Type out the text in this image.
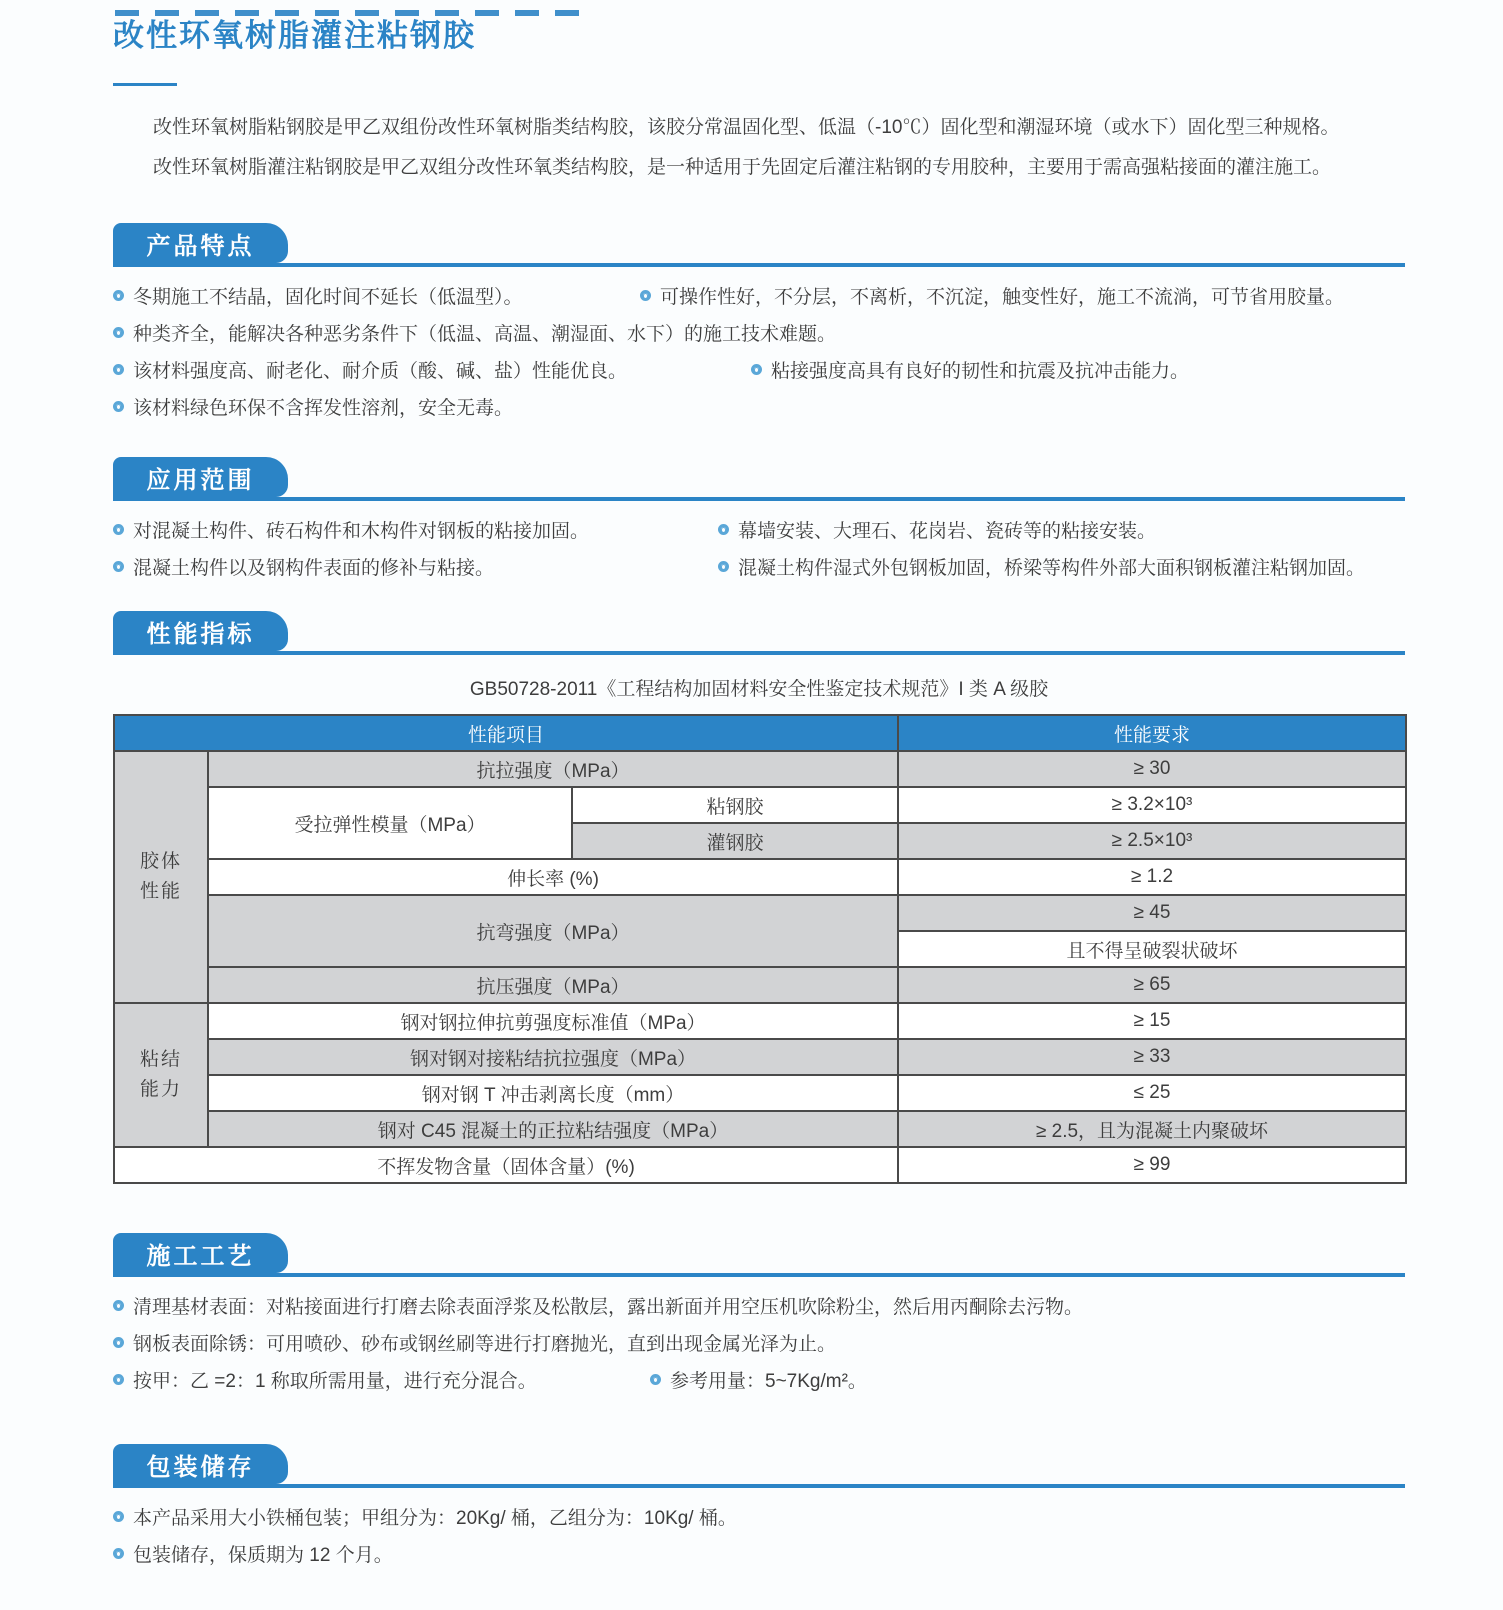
改性环氧树脂灌注粘钢胶

改性环氧树脂粘钢胶是甲乙双组份改性环氧树脂类结构胶，该胶分常温固化型、低温（-10℃）固化型和潮湿环境（或水下）固化型三种规格。

改性环氧树脂灌注粘钢胶是甲乙双组分改性环氧类结构胶，是一种适用于先固定后灌注粘钢的专用胶种，主要用于需高强粘接面的灌注施工。

产品特点
冬期施工不结晶，固化时间不延长（低温型）。	可操作性好，不分层，不离析，不沉淀，触变性好，施工不流淌，可节省用胶量。
种类齐全，能解决各种恶劣条件下（低温、高温、潮湿面、水下）的施工技术难题。
该材料强度高、耐老化、耐介质（酸、碱、盐）性能优良。	粘接强度高具有良好的韧性和抗震及抗冲击能力。
该材料绿色环保不含挥发性溶剂，安全无毒。
应用范围
对混凝土构件、砖石构件和木构件对钢板的粘接加固。	幕墙安装、大理石、花岗岩、瓷砖等的粘接安装。
混凝土构件以及钢构件表面的修补与粘接。	混凝土构件湿式外包钢板加固，桥梁等构件外部大面积钢板灌注粘钢加固。
性能指标
GB50728-2011《工程结构加固材料安全性鉴定技术规范》I 类 A 级胶
性能项目			性能要求
胶体性能	抗拉强度（MPa）		≥ 30
	受拉弹性模量（MPa）	粘钢胶	≥ 3.2×10³
		灌钢胶	≥ 2.5×10³
	伸长率 (%)		≥ 1.2
	抗弯强度（MPa）		≥ 45
			且不得呈破裂状破坏
	抗压强度（MPa）		≥ 65
粘结能力	钢对钢拉伸抗剪强度标准值（MPa）		≥ 15
	钢对钢对接粘结抗拉强度（MPa）		≥ 33
	钢对钢 T 冲击剥离长度（mm）		≤ 25
	钢对 C45 混凝土的正拉粘结强度（MPa）		≥ 2.5，且为混凝土内聚破坏
不挥发物含量（固体含量）(%)			≥ 99
施工工艺
清理基材表面：对粘接面进行打磨去除表面浮浆及松散层，露出新面并用空压机吹除粉尘，然后用丙酮除去污物。
钢板表面除锈：可用喷砂、砂布或钢丝刷等进行打磨抛光，直到出现金属光泽为止。
按甲：乙 =2：1 称取所需用量，进行充分混合。	参考用量：5~7Kg/m²。
包装储存
本产品采用大小铁桶包装；甲组分为：20Kg/ 桶，乙组分为：10Kg/ 桶。
包装储存，保质期为 12 个月。
